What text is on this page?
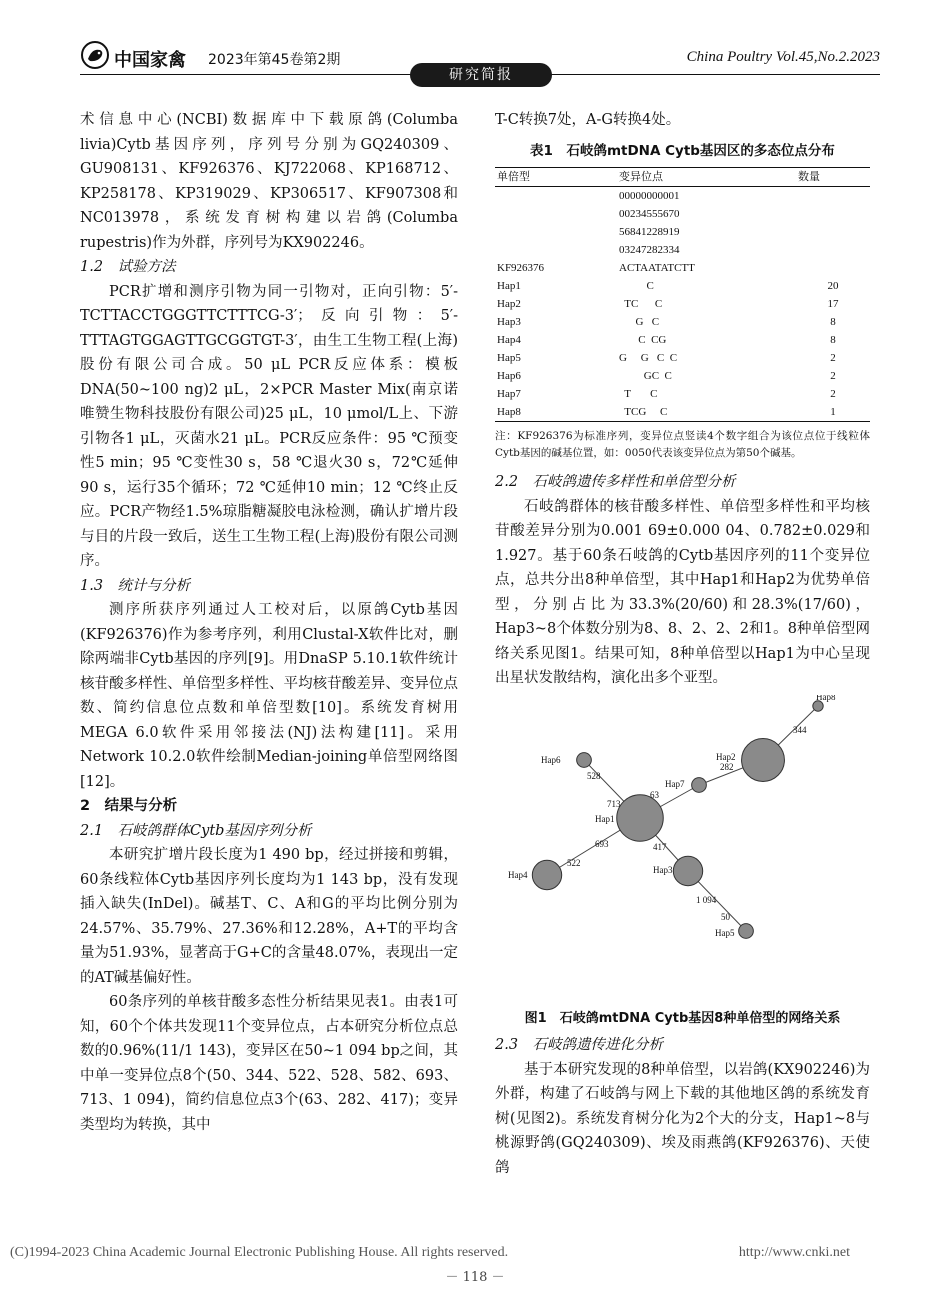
中国家禽 2023年第45卷第2期	China Poultry Vol.45,No.2.2023
研究简报

术信息中心(NCBI)数据库中下载原鸽(Columba livia)Cytb基因序列，序列号分别为GQ240309、GU908131、KF926376、KJ722068、KP168712、KP258178、KP319029、KP306517、KF907308和NC013978，系统发育树构建以岩鸽(Columba rupestris)作为外群，序列号为KX902246。

1.2　试验方法

PCR扩增和测序引物为同一引物对，正向引物：5′-TCTTACCTGGGTTCTTTCG-3′；反向引物：5′-TTTAGTGGAGTTGCGGTGT-3′，由生工生物工程(上海)股份有限公司合成。50 μL PCR反应体系：模板DNA(50~100 ng)2 μL，2×PCR Master Mix(南京诺唯赞生物科技股份有限公司)25 μL，10 μmol/L上、下游引物各1 μL，灭菌水21 μL。PCR反应条件：95 ℃预变性5 min；95 ℃变性30 s，58 ℃退火30 s，72℃延伸90 s，运行35个循环；72 ℃延伸10 min；12 ℃终止反应。PCR产物经1.5%琼脂糖凝胶电泳检测，确认扩增片段与目的片段一致后，送生工生物工程(上海)股份有限公司测序。

1.3　统计与分析

测序所获序列通过人工校对后，以原鸽Cytb基因(KF926376)作为参考序列，利用Clustal-X软件比对，删除两端非Cytb基因的序列[9]。用DnaSP 5.10.1软件统计核苷酸多样性、单倍型多样性、平均核苷酸差异、变异位点数、简约信息位点数和单倍型数[10]。系统发育树用MEGA 6.0软件采用邻接法(NJ)法构建[11]。采用Network 10.2.0软件绘制Median-joining单倍型网络图[12]。

2　结果与分析

2.1　石岐鸽群体Cytb基因序列分析

本研究扩增片段长度为1 490 bp，经过拼接和剪辑，60条线粒体Cytb基因序列长度均为1 143 bp，没有发现插入缺失(InDel)。碱基T、C、A和G的平均比例分别为24.57%、35.79%、27.36%和12.28%，A+T的平均含量为51.93%，显著高于G+C的含量48.07%，表现出一定的AT碱基偏好性。

60条序列的单核苷酸多态性分析结果见表1。由表1可知，60个个体共发现11个变异位点，占本研究分析位点总数的0.96%(11/1 143)，变异区在50~1 094 bp之间，其中单一变异位点8个(50、344、522、528、582、693、713、1 094)，简约信息位点3个(63、282、417)；变异类型均为转换，其中

T-C转换7处，A-G转换4处。

表1　石岐鸽mtDNA Cytb基因区的多态位点分布
单倍型	变异位点	数量
	00000000001	
	00234555670	
	56841228919	
	03247282334	
KF926376	ACTAATATCTT	
Hap1	C	20
Hap2	TC      C	17
Hap3	G   C	8
Hap4	C  CG	8
Hap5	G     G   C  C	2
Hap6	GC  C	2
Hap7	T       C	2
Hap8	TCG     C	1
注：KF926376为标准序列，变异位点竖读4个数字组合为该位点位于线粒体Cytb基因的碱基位置，如：0050代表该变异位点为第50个碱基。

2.2　石岐鸽遗传多样性和单倍型分析

石岐鸽群体的核苷酸多样性、单倍型多样性和平均核苷酸差异分别为0.001 69±0.000 04、0.782±0.029和1.927。基于60条石岐鸽的Cytb基因序列的11个变异位点，总共分出8种单倍型，其中Hap1和Hap2为优势单倍型，分别占比为33.3%(20/60)和28.3%(17/60)，Hap3~8个体数分别为8、8、2、2、2和1。8种单倍型网络关系见图1。结果可知，8种单倍型以Hap1为中心呈现出星状发散结构，演化出多个亚型。

Hap1
Hap2
Hap3
Hap4
Hap5
Hap6
Hap7
Hap8
63
282
344
528
713
693
522
417
1 094
50
图1　石岐鸽mtDNA Cytb基因8种单倍型的网络关系

2.3　石岐鸽遗传进化分析

基于本研究发现的8种单倍型，以岩鸽(KX902246)为外群，构建了石岐鸽与网上下载的其他地区鸽的系统发育树(见图2)。系统发育树分化为2个大的分支，Hap1~8与桃源野鸽(GQ240309)、埃及雨燕鸽(KF926376)、天使鸽

(C)1994-2023 China Academic Journal Electronic Publishing House. All rights reserved.	http://www.cnki.net
－ 118 －
